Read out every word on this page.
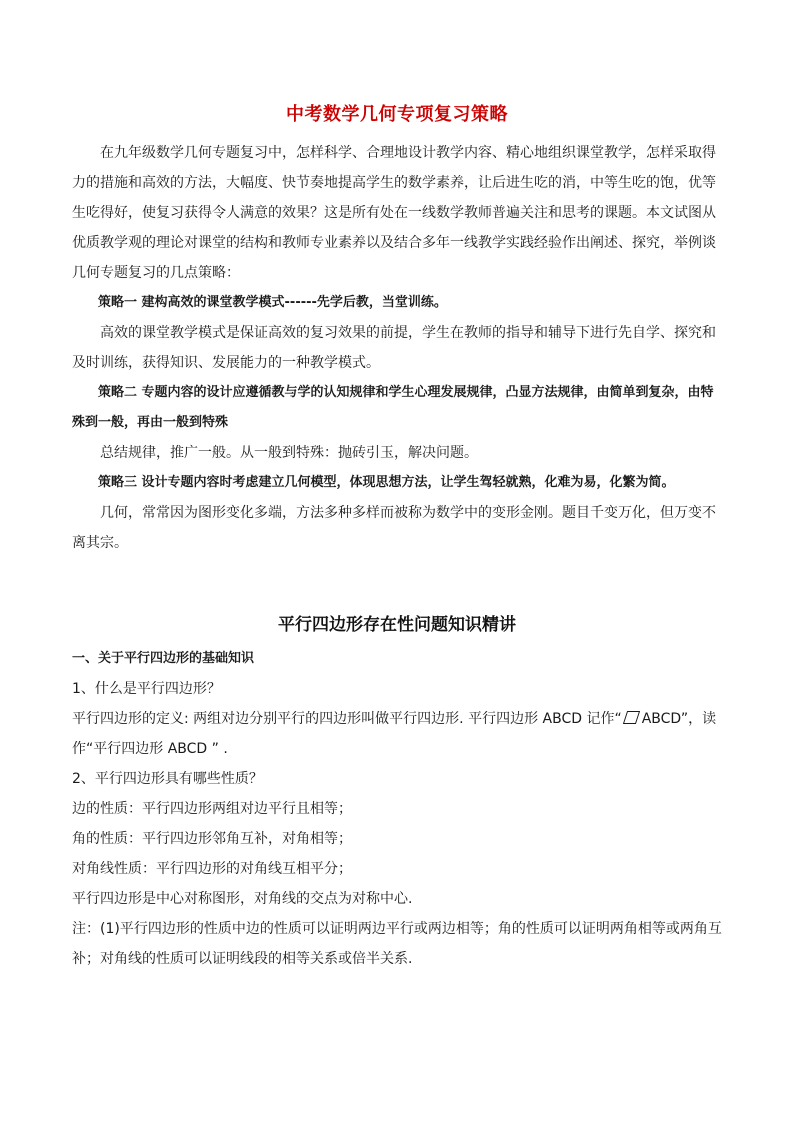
中考数学几何专项复习策略

在九年级数学几何专题复习中，怎样科学、合理地设计教学内容、精心地组织课堂教学，怎样采取得力的措施和高效的方法，大幅度、快节奏地提高学生的数学素养，让后进生吃的消，中等生吃的饱，优等生吃得好，使复习获得令人满意的效果？这是所有处在一线数学教师普遍关注和思考的课题。本文试图从优质教学观的理论对课堂的结构和教师专业素养以及结合多年一线教学实践经验作出阐述、探究，举例谈几何专题复习的几点策略：

策略一 建构高效的课堂教学模式------先学后教，当堂训练。

高效的课堂教学模式是保证高效的复习效果的前提，学生在教师的指导和辅导下进行先自学、探究和及时训练，获得知识、发展能力的一种教学模式。

策略二 专题内容的设计应遵循教与学的认知规律和学生心理发展规律，凸显方法规律，由简单到复杂，由特殊到一般，再由一般到特殊

总结规律，推广一般。从一般到特殊：抛砖引玉，解决问题。

策略三 设计专题内容时考虑建立几何模型，体现思想方法，让学生驾轻就熟，化难为易，化繁为简。

几何，常常因为图形变化多端，方法多种多样而被称为数学中的变形金刚。题目千变万化，但万变不离其宗。

平行四边形存在性问题知识精讲

一、关于平行四边形的基础知识

1、什么是平行四边形？

平行四边形的定义: 两组对边分别平行的四边形叫做平行四边形. 平行四边形 ABCD 记作“ ABCD”，读作“平行四边形 ABCD ” .

2、平行四边形具有哪些性质？

边的性质：平行四边形两组对边平行且相等；

角的性质：平行四边形邻角互补，对角相等；

对角线性质：平行四边形的对角线互相平分；

平行四边形是中心对称图形，对角线的交点为对称中心.

注：(1)平行四边形的性质中边的性质可以证明两边平行或两边相等；角的性质可以证明两角相等或两角互补；对角线的性质可以证明线段的相等关系或倍半关系.
